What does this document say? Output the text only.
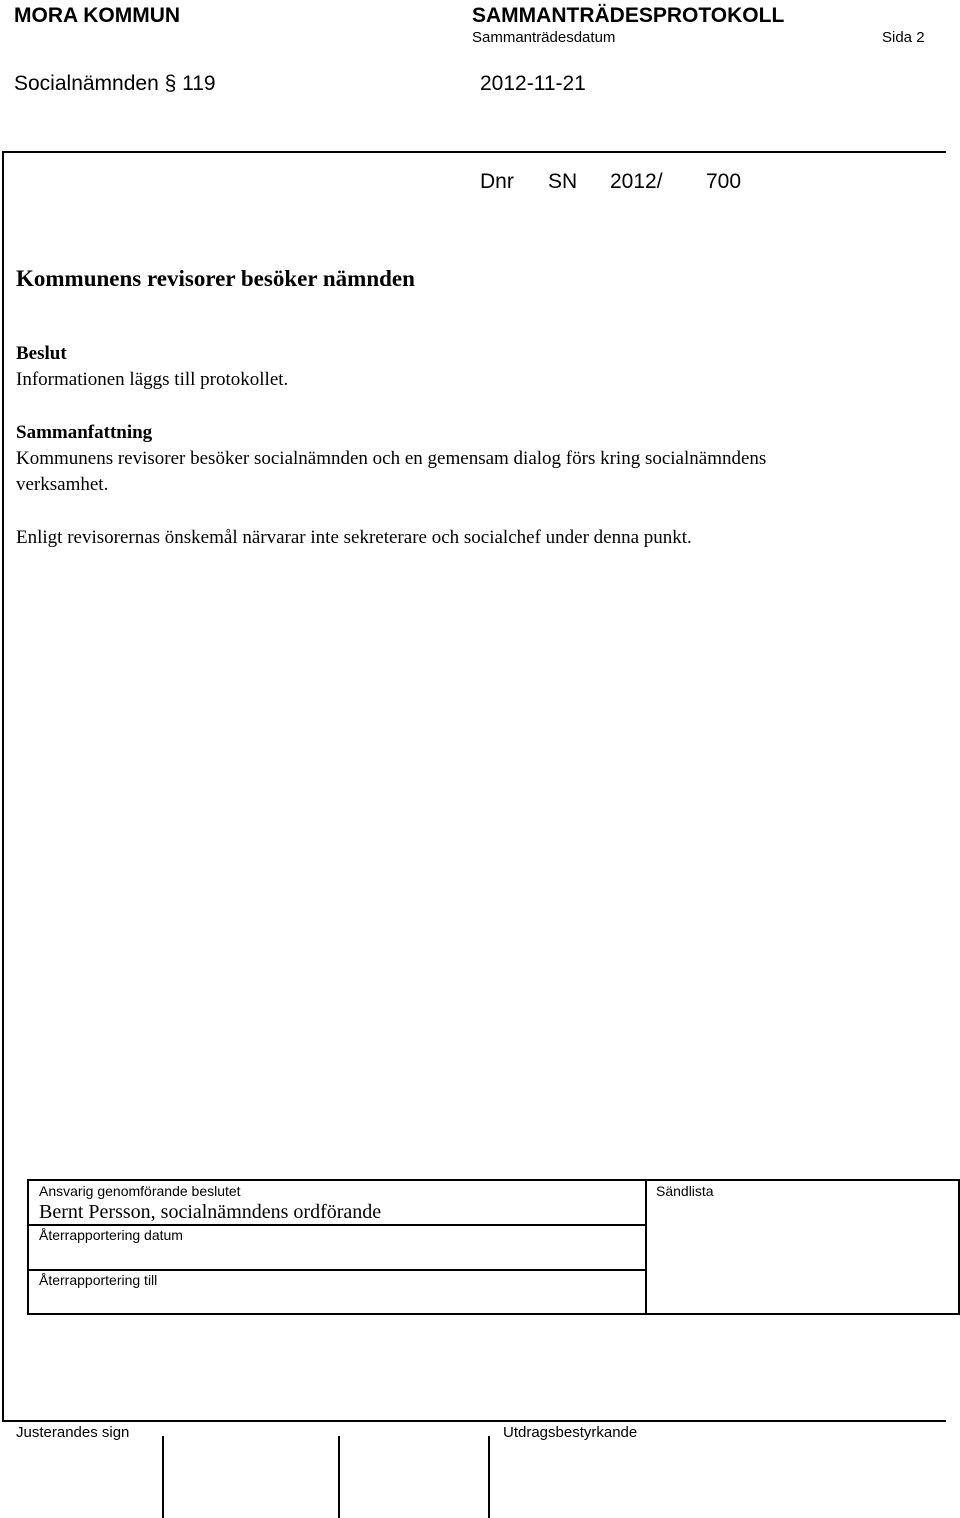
MORA KOMMUN	SAMMANTRÄDESPROTOKOLL
Sammanträdesdatum	Sida 2
Socialnämnden § 119	2012-11-21
Dnr SN 2012/ 700
Kommunens revisorer besöker nämnden
Beslut
Informationen läggs till protokollet.
Sammanfattning
Kommunens revisorer besöker socialnämnden och en gemensam dialog förs kring socialnämndens
verksamhet.
Enligt revisorernas önskemål närvarar inte sekreterare och socialchef under denna punkt.
Ansvarig genomförande beslutet
Bernt Persson, socialnämndens ordförande
Återrapportering datum
Återrapportering till
Sändlista
Justerandes sign	Utdragsbestyrkande
